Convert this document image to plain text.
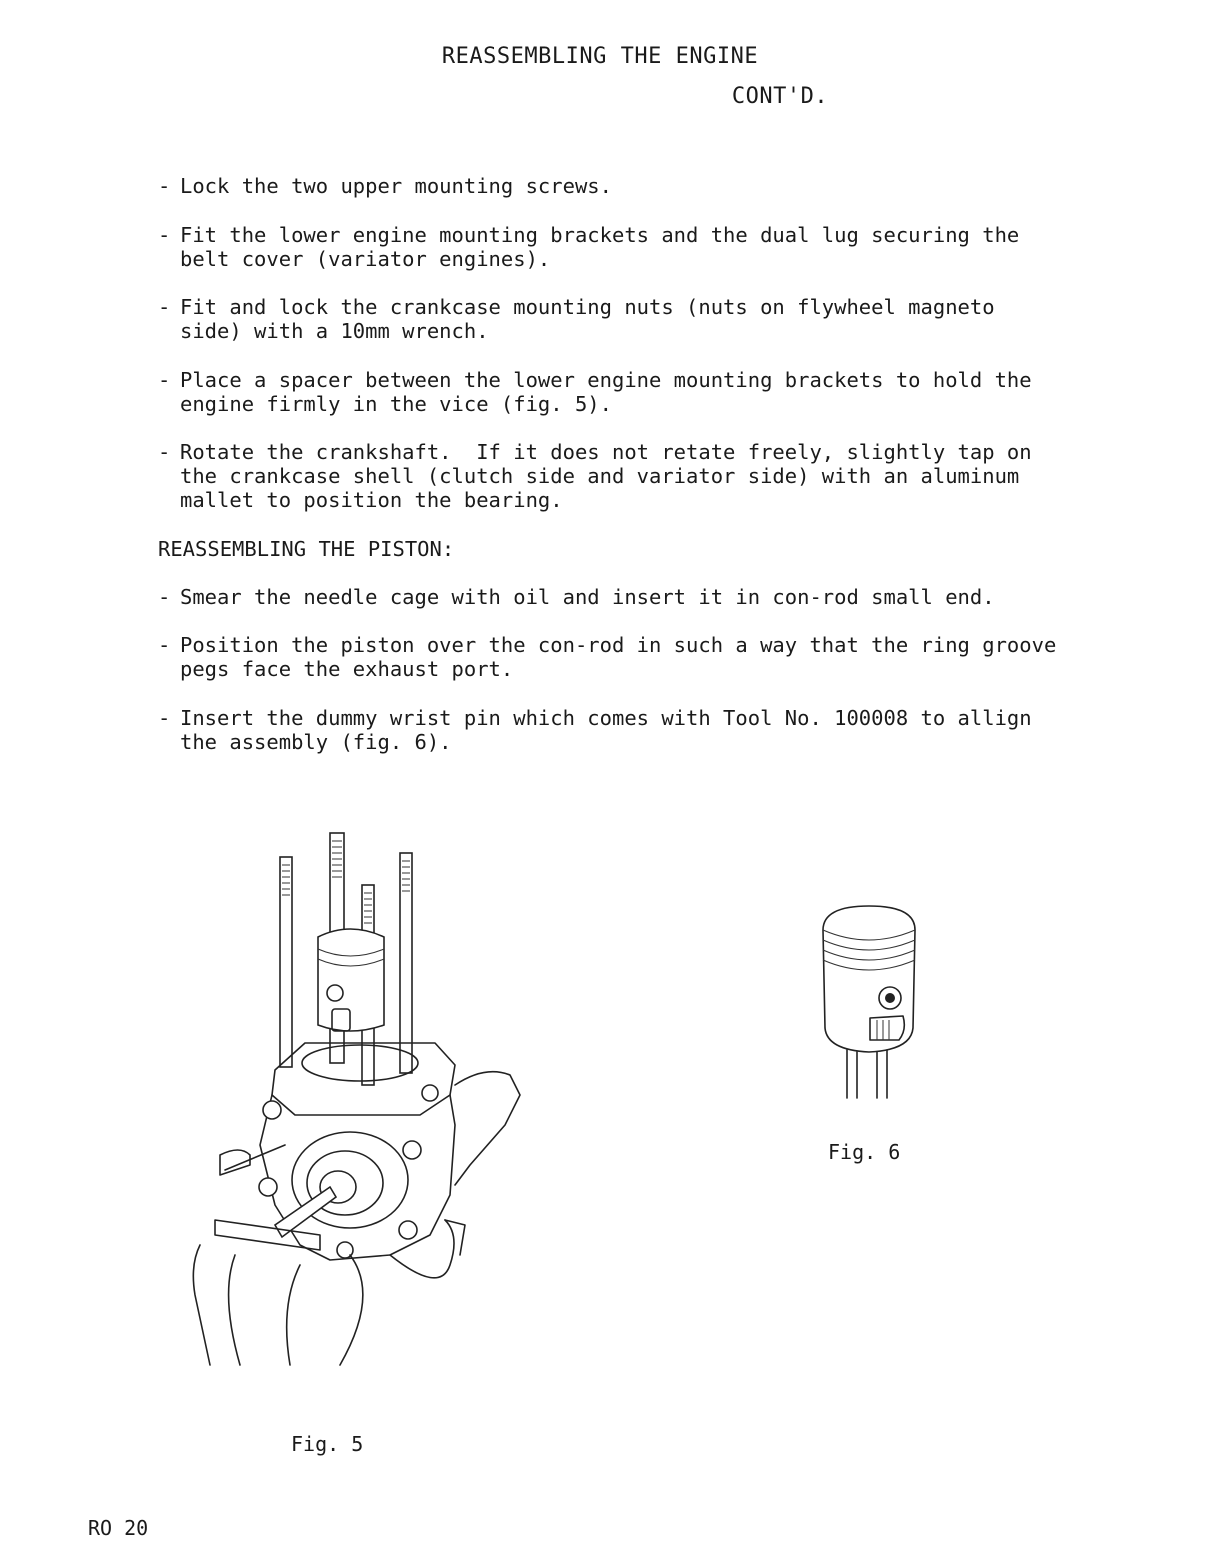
REASSEMBLING THE ENGINE
CONT'D.
- Lock the two upper mounting screws.
- Fit the lower engine mounting brackets and the dual lug securing the belt cover (variator engines).
- Fit and lock the crankcase mounting nuts (nuts on flywheel magneto side) with a 10mm wrench.
- Place a spacer between the lower engine mounting brackets to hold the engine firmly in the vice (fig. 5).
- Rotate the crankshaft.  If it does not retate freely, slightly tap on the crankcase shell (clutch side and variator side) with an aluminum mallet to position the bearing.
REASSEMBLING THE PISTON:
- Smear the needle cage with oil and insert it in con-rod small end.
- Position the piston over the con-rod in such a way that the ring groove pegs face the exhaust port.
- Insert the dummy wrist pin which comes with Tool No. 100008 to allign the assembly (fig. 6).
Fig. 5
Fig. 6
RO 20
